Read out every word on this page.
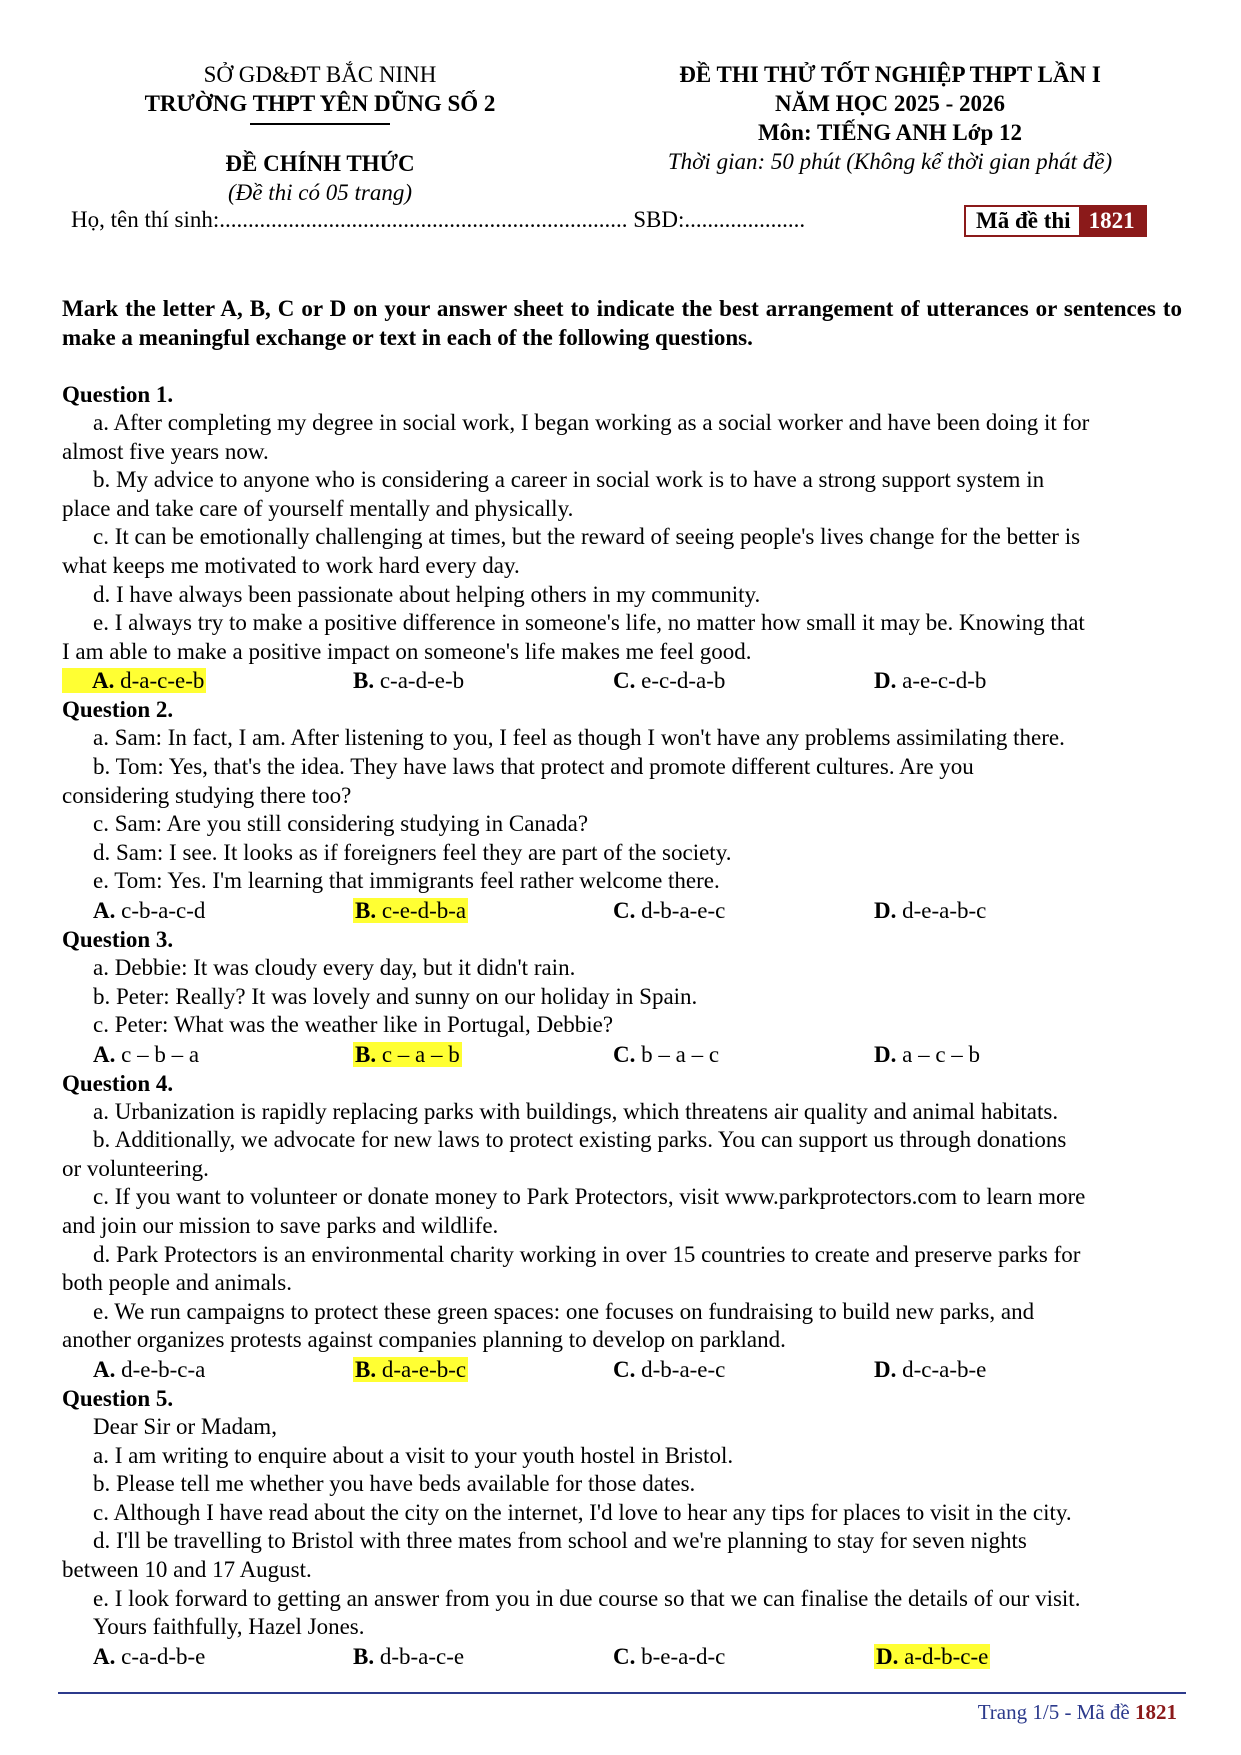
SỞ GD&ĐT BẮC NINH
TRƯỜNG THPT YÊN DŨNG SỐ 2
ĐỀ CHÍNH THỨC
(Đề thi có 05 trang)
ĐỀ THI THỬ TỐT NGHIỆP THPT LẦN I
NĂM HỌC 2025 - 2026
Môn: TIẾNG ANH Lớp 12
Thời gian: 50 phút (Không kể thời gian phát đề)
Họ, tên thí sinh:....................................................................... SBD:.....................	Mã đề thi 1821
Mark the letter A, B, C or D on your answer sheet to indicate the best arrangement of utterances or sentences to make a meaningful exchange or text in each of the following questions.
Question 1.
a. After completing my degree in social work, I began working as a social worker and have been doing it for
almost five years now.
b. My advice to anyone who is considering a career in social work is to have a strong support system in
place and take care of yourself mentally and physically.
c. It can be emotionally challenging at times, but the reward of seeing people's lives change for the better is
what keeps me motivated to work hard every day.
d. I have always been passionate about helping others in my community.
e. I always try to make a positive difference in someone's life, no matter how small it may be. Knowing that
I am able to make a positive impact on someone's life makes me feel good.
A. d-a-c-e-b	B. c-a-d-e-b	C. e-c-d-a-b	D. a-e-c-d-b
Question 2.
a. Sam: In fact, I am. After listening to you, I feel as though I won't have any problems assimilating there.
b. Tom: Yes, that's the idea. They have laws that protect and promote different cultures. Are you
considering studying there too?
c. Sam: Are you still considering studying in Canada?
d. Sam: I see. It looks as if foreigners feel they are part of the society.
e. Tom: Yes. I'm learning that immigrants feel rather welcome there.
A. c-b-a-c-d	B. c-e-d-b-a	C. d-b-a-e-c	D. d-e-a-b-c
Question 3.
a. Debbie: It was cloudy every day, but it didn't rain.
b. Peter: Really? It was lovely and sunny on our holiday in Spain.
c. Peter: What was the weather like in Portugal, Debbie?
A. c – b – a	B. c – a – b	C. b – a – c	D. a – c – b
Question 4.
a. Urbanization is rapidly replacing parks with buildings, which threatens air quality and animal habitats.
b. Additionally, we advocate for new laws to protect existing parks. You can support us through donations
or volunteering.
c. If you want to volunteer or donate money to Park Protectors, visit www.parkprotectors.com to learn more
and join our mission to save parks and wildlife.
d. Park Protectors is an environmental charity working in over 15 countries to create and preserve parks for
both people and animals.
e. We run campaigns to protect these green spaces: one focuses on fundraising to build new parks, and
another organizes protests against companies planning to develop on parkland.
A. d-e-b-c-a	B. d-a-e-b-c	C. d-b-a-e-c	D. d-c-a-b-e
Question 5.
Dear Sir or Madam,
a. I am writing to enquire about a visit to your youth hostel in Bristol.
b. Please tell me whether you have beds available for those dates.
c. Although I have read about the city on the internet, I'd love to hear any tips for places to visit in the city.
d. I'll be travelling to Bristol with three mates from school and we're planning to stay for seven nights
between 10 and 17 August.
e. I look forward to getting an answer from you in due course so that we can finalise the details of our visit.
Yours faithfully, Hazel Jones.
A. c-a-d-b-e	B. d-b-a-c-e	C. b-e-a-d-c	D. a-d-b-c-e
Trang 1/5 - Mã đề 1821
